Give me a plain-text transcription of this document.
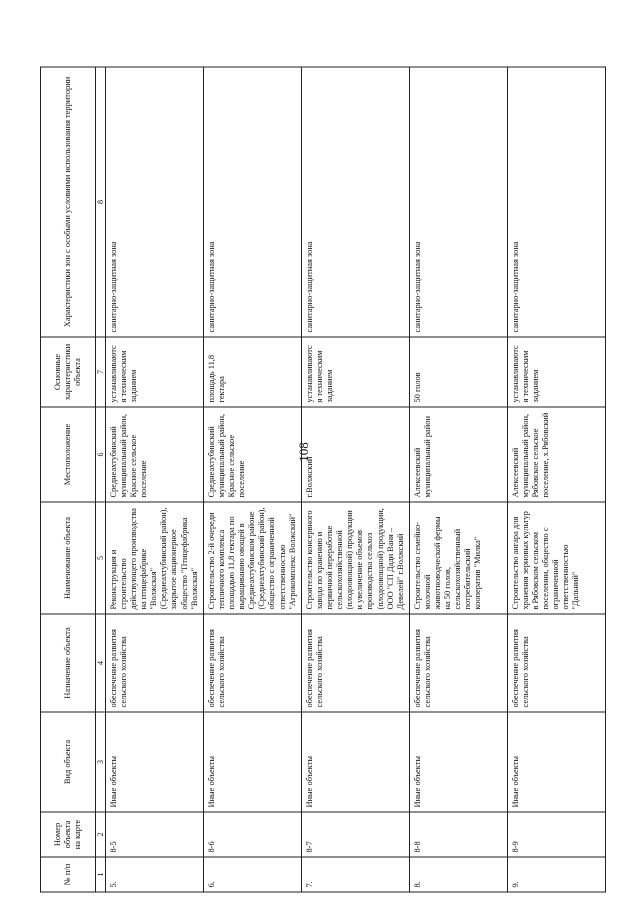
108
№ п/п	Номер объекта на карте	Вид объекта	Назначение объекта	Наименование объекта	Местоположение	Основные характеристики объекта	Характеристики зон с особыми условиями использования территории
1	2	3	4	5	6	7	8
5.	8-5	Иные объекты	обеспечение развития сельского хозяйства	Реконструкция и строительство действующего производства на птицефабрике "Волжская" (Среднеахтубинский район), закрытое акционерное общество "Птицефабрика "Волжская"	Среднеахтубинский муниципальный район, Красное сельское поселение	устанавливаются техническим заданием	санитарно-защитная зона
6.	8-6	Иные объекты	обеспечение развития сельского хозяйства	Строительство 2-й очереди тепличного комплекса площадью 11,8 гектара по выращиванию овощей в Среднеахтубинском районе (Среднеахтубинский район), общество с ограниченной ответственностью "Агрокомплекс Волжский"	Среднеахтубинский муниципальный район, Красное сельское поселение	площадь 11,8 гектара	санитарно-защитная зона
7.	8-7	Иные объекты	обеспечение развития сельского хозяйства	Строительство консервного завода по хранению и первичной переработке сельскохозяйственной (плодоовощной) продукции и увеличение объемов производства сельхоз (плодоовощной) продукции, ООО "СП Дади Ваня – Девелей" г.Волжский	г.Волжский	устанавливаются техническим заданием	санитарно-защитная зона
8.	8-8	Иные объекты	обеспечение развития сельского хозяйства	Строительство семейно-молочной животноводческой фермы на 50 голов, сельскохозяйственный потребительский кооператив "Милка"	Алексеевский муниципальный район	50 голов	санитарно-защитная зона
9.	8-9	Иные объекты	обеспечение развития сельского хозяйства	Строительство ангара для хранения зерновых культур в Рябовском сельском поселении, общество с ограниченной ответственностью "Дальний"	Алексеевский муниципальный район, Рябовское сельское поселение, х.Рябовский	устанавливаются техническим заданием	санитарно-защитная зона
